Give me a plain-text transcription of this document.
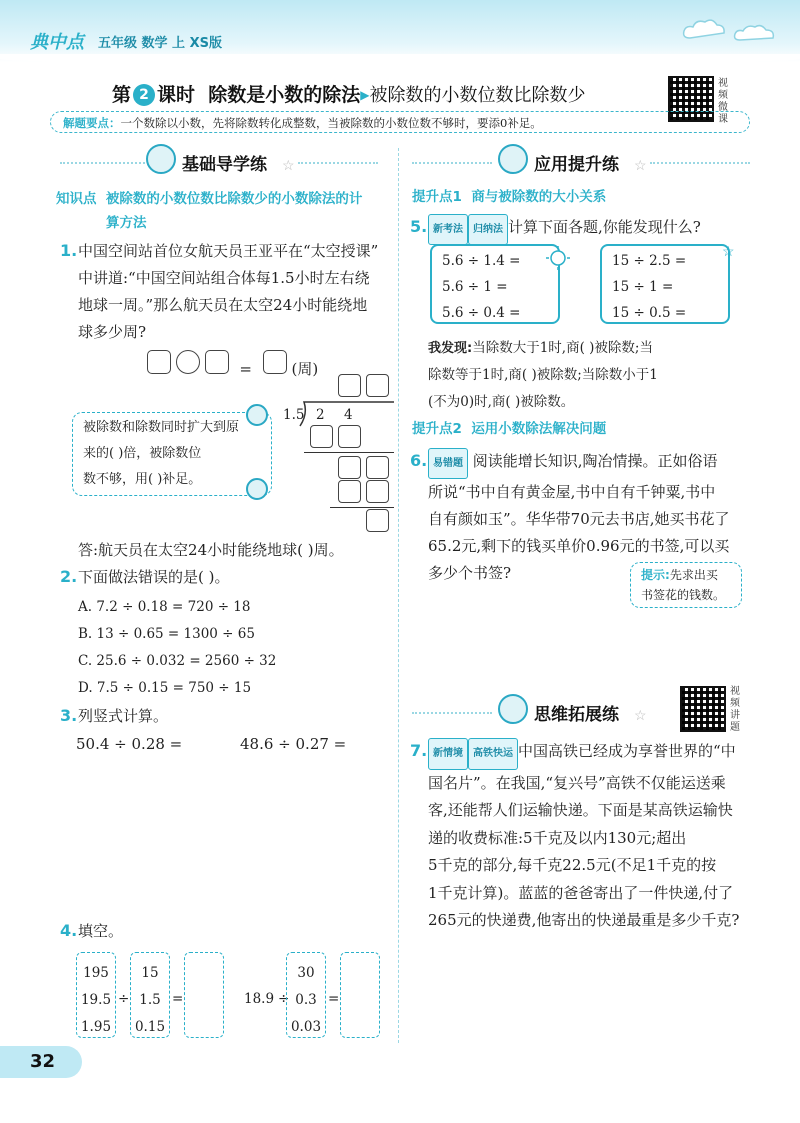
典中点 五年级 数学 上 XS版
第 2 课时 除数是小数的除法▶被除数的小数位数比除数少
视频微课
解题要点：一个数除以小数，先将除数转化成整数，当被除数的小数位数不够时，要添0补足。
基础导学练 ☆
知识点 被除数的小数位数比除数少的小数除法的计
算方法
1. 中国空间站首位女航天员王亚平在“太空授课”
中讲道:“中国空间站组合体每1.5小时左右绕
地球一周。”那么航天员在太空24小时能绕地
球多少周?
=	(周)
1.5 2 4
被除数和除数同时扩大到原
来的( )倍，被除数位
数不够，用( )补足。
答:航天员在太空24小时能绕地球( )周。
2. 下面做法错误的是( )。
A. 7.2 ÷ 0.18 = 720 ÷ 18
B. 13 ÷ 0.65 = 1300 ÷ 65
C. 25.6 ÷ 0.032 = 2560 ÷ 32
D. 7.5 ÷ 0.15 = 750 ÷ 15
3. 列竖式计算。
50.4 ÷ 0.28 =	48.6 ÷ 0.27 =
4. 填空。
195
19.5
1.95
÷
15
1.5
0.15
=	18.9 ÷
30
0.3
0.03
=
应用提升练 ☆
提升点1 商与被除数的大小关系
5. 新考法 归纳法 计算下面各题,你能发现什么?
5.6 ÷ 1.4 =
5.6 ÷ 1 =
5.6 ÷ 0.4 =
15 ÷ 2.5 =
15 ÷ 1 =
15 ÷ 0.5 =
☆
我发现:当除数大于1时,商( )被除数;当
除数等于1时,商( )被除数;当除数小于1
(不为0)时,商( )被除数。
提升点2 运用小数除法解决问题
6. 易错题 阅读能增长知识,陶冶情操。正如俗语
所说“书中自有黄金屋,书中自有千钟粟,书中
自有颜如玉”。华华带70元去书店,她买书花了
65.2元,剩下的钱买单价0.96元的书签,可以买
多少个书签?	提示:先求出买
书签花的钱数。
思维拓展练 ☆
视频讲题
7. 新情境 高铁快运 中国高铁已经成为享誉世界的“中
国名片”。在我国,“复兴号”高铁不仅能运送乘
客,还能帮人们运输快递。下面是某高铁运输快
递的收费标准:5千克及以内130元;超出
5千克的部分,每千克22.5元(不足1千克的按
1千克计算)。蓝蓝的爸爸寄出了一件快递,付了
265元的快递费,他寄出的快递最重是多少千克?
32
